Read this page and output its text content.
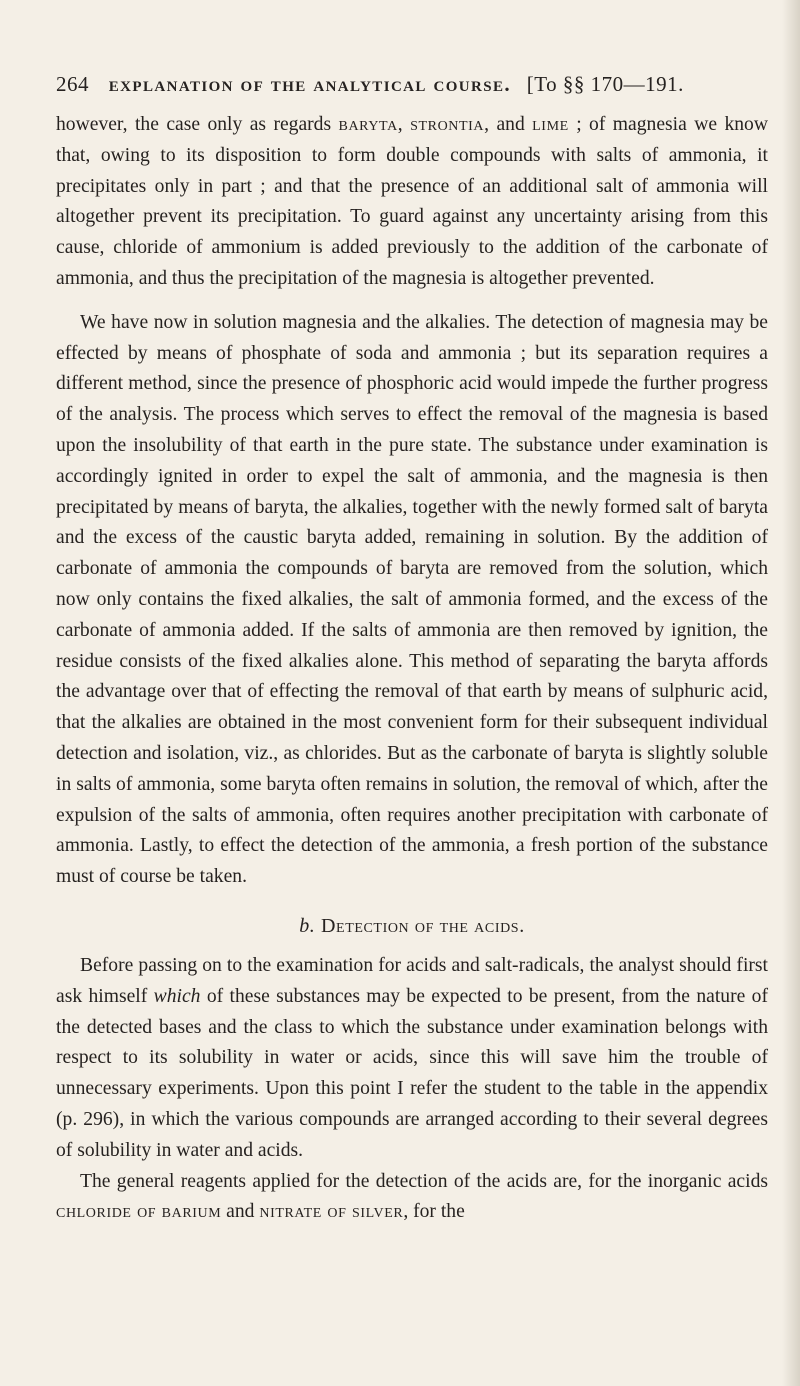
264 explanation of the analytical course. [To §§ 170—191.

however, the case only as regards baryta, strontia, and lime ; of magnesia we know that, owing to its disposition to form double compounds with salts of ammonia, it precipitates only in part ; and that the presence of an additional salt of ammonia will altogether prevent its precipitation. To guard against any uncertainty arising from this cause, chloride of ammonium is added previously to the addition of the carbonate of ammonia, and thus the precipitation of the magnesia is altogether prevented.

We have now in solution magnesia and the alkalies. The detection of magnesia may be effected by means of phosphate of soda and ammonia ; but its separation requires a different method, since the presence of phosphoric acid would impede the further progress of the analysis. The process which serves to effect the removal of the magnesia is based upon the insolubility of that earth in the pure state. The substance under examination is accordingly ignited in order to expel the salt of ammonia, and the magnesia is then precipitated by means of baryta, the alkalies, together with the newly formed salt of baryta and the excess of the caustic baryta added, remaining in solution. By the addition of carbonate of ammonia the compounds of baryta are removed from the solution, which now only contains the fixed alkalies, the salt of ammonia formed, and the excess of the carbonate of ammonia added. If the salts of ammonia are then removed by ignition, the residue consists of the fixed alkalies alone. This method of separating the baryta affords the advantage over that of effecting the removal of that earth by means of sulphuric acid, that the alkalies are obtained in the most convenient form for their subsequent individual detection and isolation, viz., as chlorides. But as the carbonate of baryta is slightly soluble in salts of ammonia, some baryta often remains in solution, the removal of which, after the expulsion of the salts of ammonia, often requires another precipitation with carbonate of ammonia. Lastly, to effect the detection of the ammonia, a fresh portion of the substance must of course be taken.

b. Detection of the acids.

Before passing on to the examination for acids and salt-radicals, the analyst should first ask himself which of these substances may be expected to be present, from the nature of the detected bases and the class to which the substance under examination belongs with respect to its solubility in water or acids, since this will save him the trouble of unnecessary experiments. Upon this point I refer the student to the table in the appendix (p. 296), in which the various compounds are arranged according to their several degrees of solubility in water and acids.

The general reagents applied for the detection of the acids are, for the inorganic acids chloride of barium and nitrate of silver, for the
